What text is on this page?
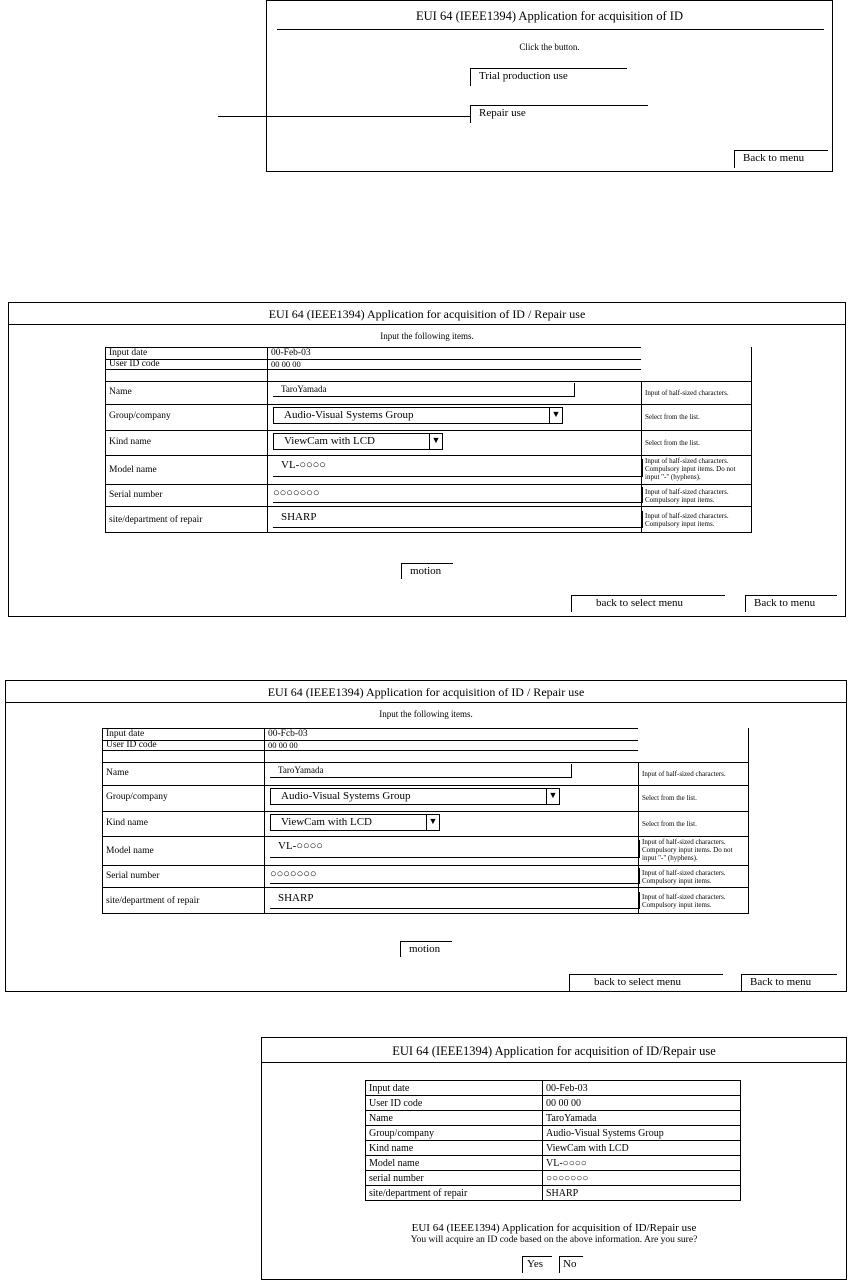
EUI 64 (IEEE1394) Application for acquisition of ID
Click the button.
Trial production use
Repair use
Back to menu
EUI 64 (IEEE1394) Application for acquisition of ID / Repair use
Input the following items.
Input date	00-Feb-03
User ID code	00 00 00
Name	TaroYamada	Input of half-sized characters.
Group/company	Audio-Visual Systems Group	▼	Select from the list.
Kind name	ViewCam with LCD	▼	Select from the list.
Model name	VL-○○○○	Input of half-sized characters. Compulsory input items. Do not input "-" (hyphens).
Serial number	○○○○○○○	Input of half-sized characters. Compulsory input items.
site/department of repair	SHARP	Input of half-sized characters. Compulsory input items.
motion
back to select menu	Back to menu
EUI 64 (IEEE1394) Application for acquisition of ID / Repair use
Input the following items.
Input date	00-Fcb-03
User ID code	00 00 00
Name	TaroYamada	Input of half-sized characters.
Group/company	Audio-Visual Systems Group	▼	Select from the list.
Kind name	ViewCam with LCD	▼	Select from the list.
Model name	VL-○○○○	Input of half-sized characters. Compulsory input items. Do not input "-" (hyphens).
Serial number	○○○○○○○	Input of half-sized characters. Compulsory input items.
site/department of repair	SHARP	Input of half-sized characters. Compulsory input items.
motion
back to select menu	Back to menu
EUI 64 (IEEE1394) Application for acquisition of ID/Repair use
Input date	00-Feb-03
User ID code	00 00 00
Name	TaroYamada
Group/company	Audio-Visual Systems Group
Kind name	ViewCam with LCD
Model name	VL-○○○○
serial number	○○○○○○○
site/department of repair	SHARP
EUI 64 (IEEE1394) Application for acquisition of ID/Repair use
You will acquire an ID code based on the above information. Are you sure?
Yes	No
